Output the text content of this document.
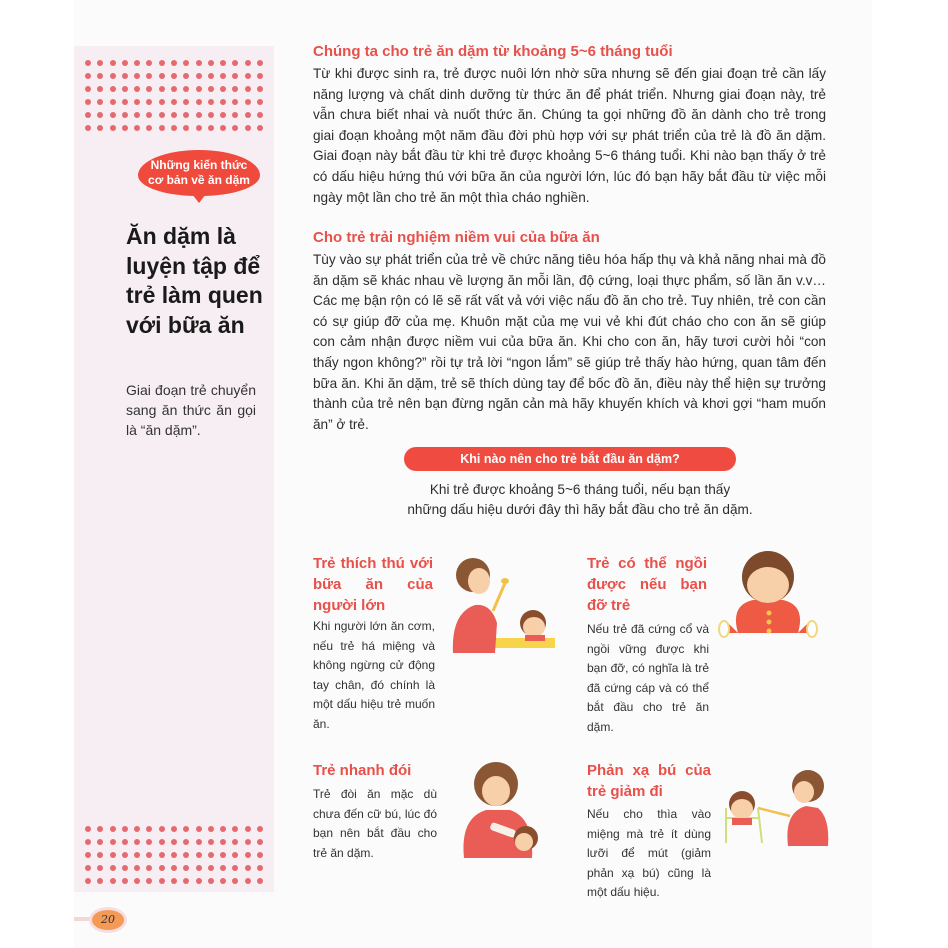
Những kiến thức
cơ bản về ăn dặm
Ăn dặm là luyện tập để trẻ làm quen với bữa ăn
Giai đoạn trẻ chuyển sang ăn thức ăn gọi là “ăn dặm”.
20
Chúng ta cho trẻ ăn dặm từ khoảng 5~6 tháng tuổi
Từ khi được sinh ra, trẻ được nuôi lớn nhờ sữa nhưng sẽ đến giai đoạn trẻ cần lấy năng lượng và chất dinh dưỡng từ thức ăn để phát triển. Nhưng giai đoạn này, trẻ vẫn chưa biết nhai và nuốt thức ăn. Chúng ta gọi những đồ ăn dành cho trẻ trong giai đoạn khoảng một năm đầu đời phù hợp với sự phát triển của trẻ là đồ ăn dặm. Giai đoạn này bắt đầu từ khi trẻ được khoảng 5~6 tháng tuổi. Khi nào bạn thấy ở trẻ có dấu hiệu hứng thú với bữa ăn của người lớn, lúc đó bạn hãy bắt đầu từ việc mỗi ngày một lần cho trẻ ăn một thìa cháo nghiền.
Cho trẻ trải nghiệm niềm vui của bữa ăn
Tùy vào sự phát triển của trẻ về chức năng tiêu hóa hấp thụ và khả năng nhai mà đồ ăn dặm sẽ khác nhau về lượng ăn mỗi lần, độ cứng, loại thực phẩm, số lần ăn v.v… Các mẹ bận rộn có lẽ sẽ rất vất vả với việc nấu đồ ăn cho trẻ. Tuy nhiên, trẻ con cần có sự giúp đỡ của mẹ. Khuôn mặt của mẹ vui vẻ khi đút cháo cho con ăn sẽ giúp con cảm nhận được niềm vui của bữa ăn. Khi cho con ăn, hãy tươi cười hỏi “con thấy ngon không?” rồi tự trả lời “ngon lắm” sẽ giúp trẻ thấy hào hứng, quan tâm đến bữa ăn. Khi ăn dặm, trẻ sẽ thích dùng tay để bốc đồ ăn, điều này thể hiện sự trưởng thành của trẻ nên bạn đừng ngăn cản mà hãy khuyến khích và khơi gợi “ham muốn ăn” ở trẻ.
Khi nào nên cho trẻ bắt đầu ăn dặm?
Khi trẻ được khoảng 5~6 tháng tuổi, nếu bạn thấy
những dấu hiệu dưới đây thì hãy bắt đầu cho trẻ ăn dặm.
Trẻ thích thú với bữa ăn của người lớn
Khi người lớn ăn cơm, nếu trẻ há miệng và không ngừng cử động tay chân, đó chính là một dấu hiệu trẻ muốn ăn.
Trẻ có thể ngồi được nếu bạn đỡ trẻ
Nếu trẻ đã cứng cổ và ngồi vững được khi bạn đỡ, có nghĩa là trẻ đã cứng cáp và có thể bắt đầu cho trẻ ăn dặm.
Trẻ nhanh đói
Trẻ đòi ăn mặc dù chưa đến cữ bú, lúc đó bạn nên bắt đầu cho trẻ ăn dặm.
Phản xạ bú của trẻ giảm đi
Nếu cho thìa vào miệng mà trẻ ít dùng lưỡi để mút (giảm phản xạ bú) cũng là một dấu hiệu.
